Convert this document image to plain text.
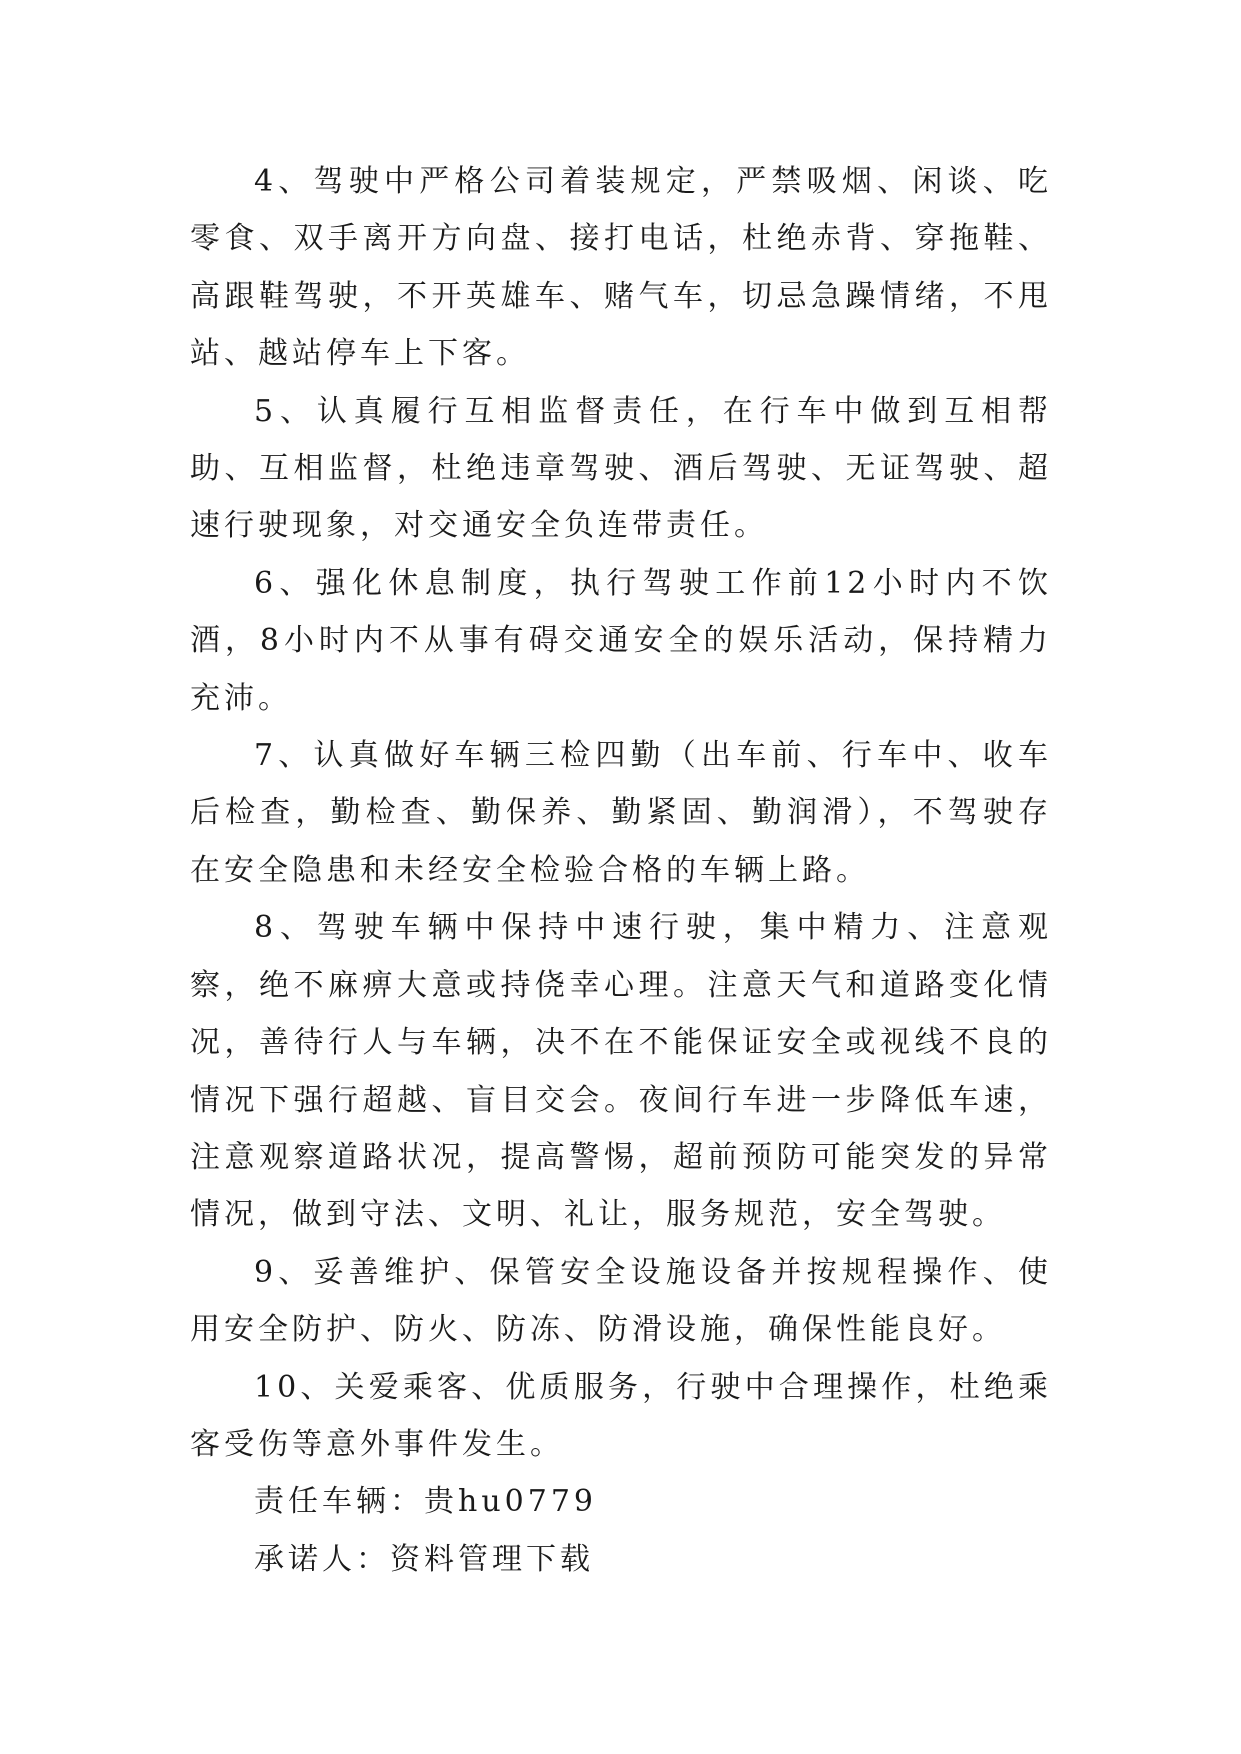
4、驾驶中严格公司着装规定，严禁吸烟、闲谈、吃零食、双手离开方向盘、接打电话，杜绝赤背、穿拖鞋、高跟鞋驾驶，不开英雄车、赌气车，切忌急躁情绪，不甩站、越站停车上下客。

5、认真履行互相监督责任，在行车中做到互相帮助、互相监督，杜绝违章驾驶、酒后驾驶、无证驾驶、超速行驶现象，对交通安全负连带责任。

6、强化休息制度，执行驾驶工作前12小时内不饮酒，8小时内不从事有碍交通安全的娱乐活动，保持精力充沛。

7、认真做好车辆三检四勤（出车前、行车中、收车后检查，勤检查、勤保养、勤紧固、勤润滑），不驾驶存在安全隐患和未经安全检验合格的车辆上路。

8、驾驶车辆中保持中速行驶，集中精力、注意观察，绝不麻痹大意或持侥幸心理。注意天气和道路变化情况，善待行人与车辆，决不在不能保证安全或视线不良的情况下强行超越、盲目交会。夜间行车进一步降低车速，注意观察道路状况，提高警惕，超前预防可能突发的异常情况，做到守法、文明、礼让，服务规范，安全驾驶。

9、妥善维护、保管安全设施设备并按规程操作、使用安全防护、防火、防冻、防滑设施，确保性能良好。

10、关爱乘客、优质服务，行驶中合理操作，杜绝乘客受伤等意外事件发生。

责任车辆：贵hu0779

承诺人：资料管理下载
